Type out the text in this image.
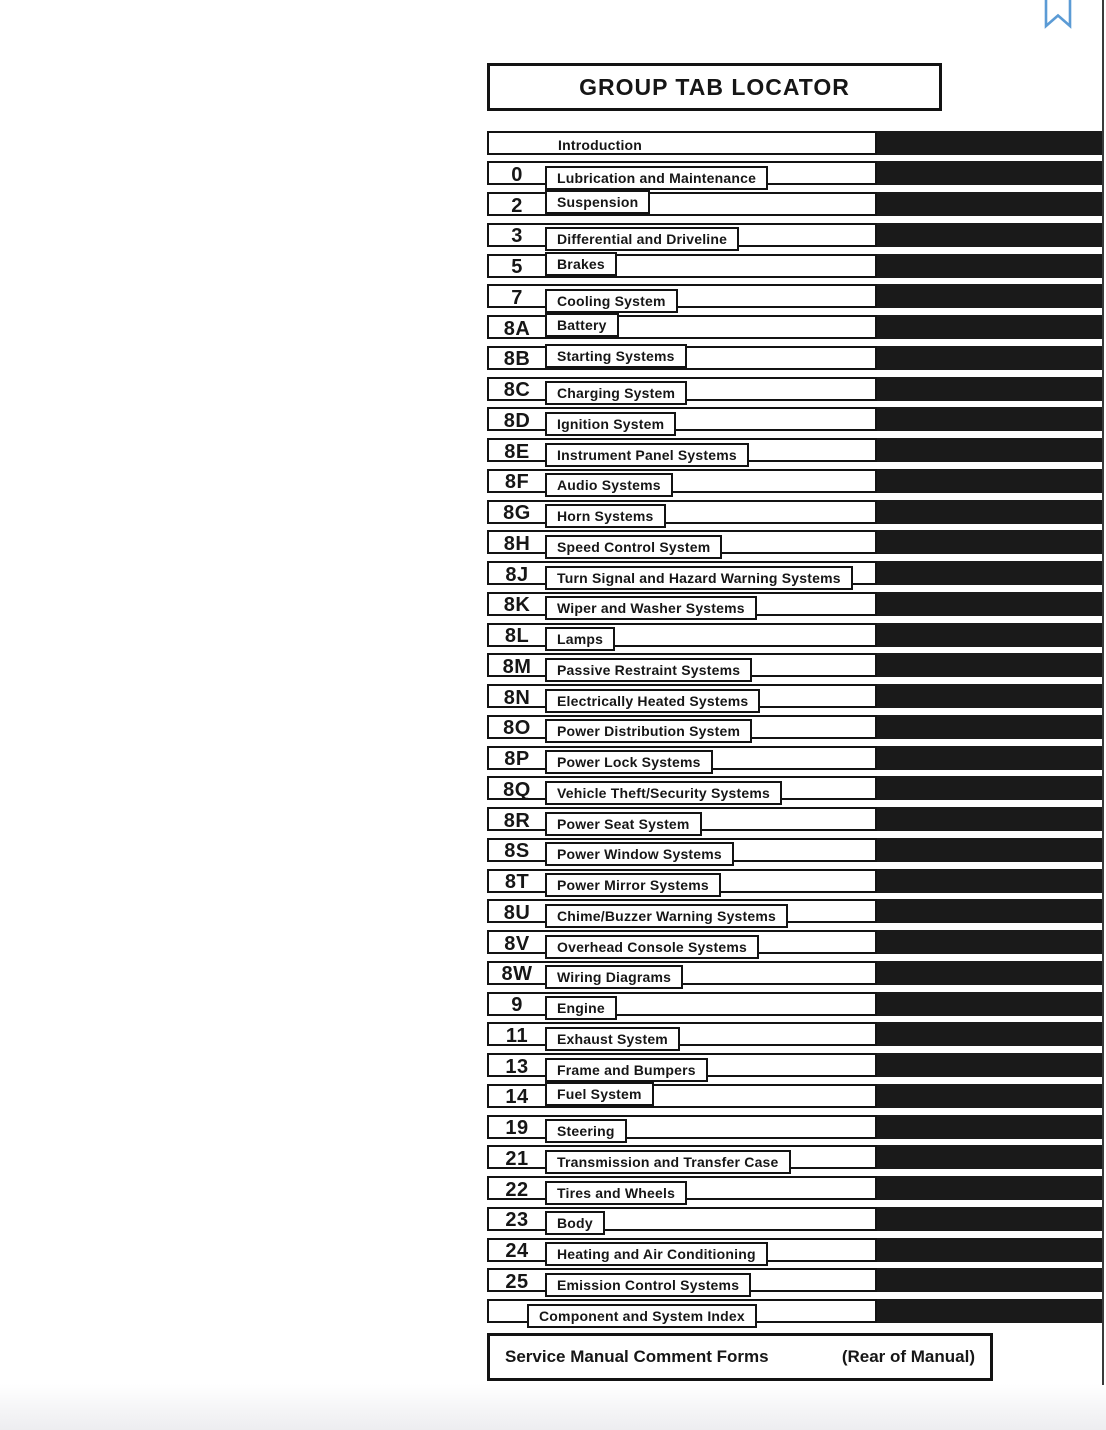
GROUP TAB LOCATOR
Introduction
0	Lubrication and Maintenance
2	Suspension
3	Differential and Driveline
5	Brakes
7	Cooling System
8A	Battery
8B	Starting Systems
8C	Charging System
8D	Ignition System
8E	Instrument Panel Systems
8F	Audio Systems
8G	Horn Systems
8H	Speed Control System
8J	Turn Signal and Hazard Warning Systems
8K	Wiper and Washer Systems
8L	Lamps
8M	Passive Restraint Systems
8N	Electrically Heated Systems
8O	Power Distribution System
8P	Power Lock Systems
8Q	Vehicle Theft/Security Systems
8R	Power Seat System
8S	Power Window Systems
8T	Power Mirror Systems
8U	Chime/Buzzer Warning Systems
8V	Overhead Console Systems
8W	Wiring Diagrams
9	Engine
11	Exhaust System
13	Frame and Bumpers
14	Fuel System
19	Steering
21	Transmission and Transfer Case
22	Tires and Wheels
23	Body
24	Heating and Air Conditioning
25	Emission Control Systems
Component and System Index
Service Manual Comment Forms	(Rear of Manual)
